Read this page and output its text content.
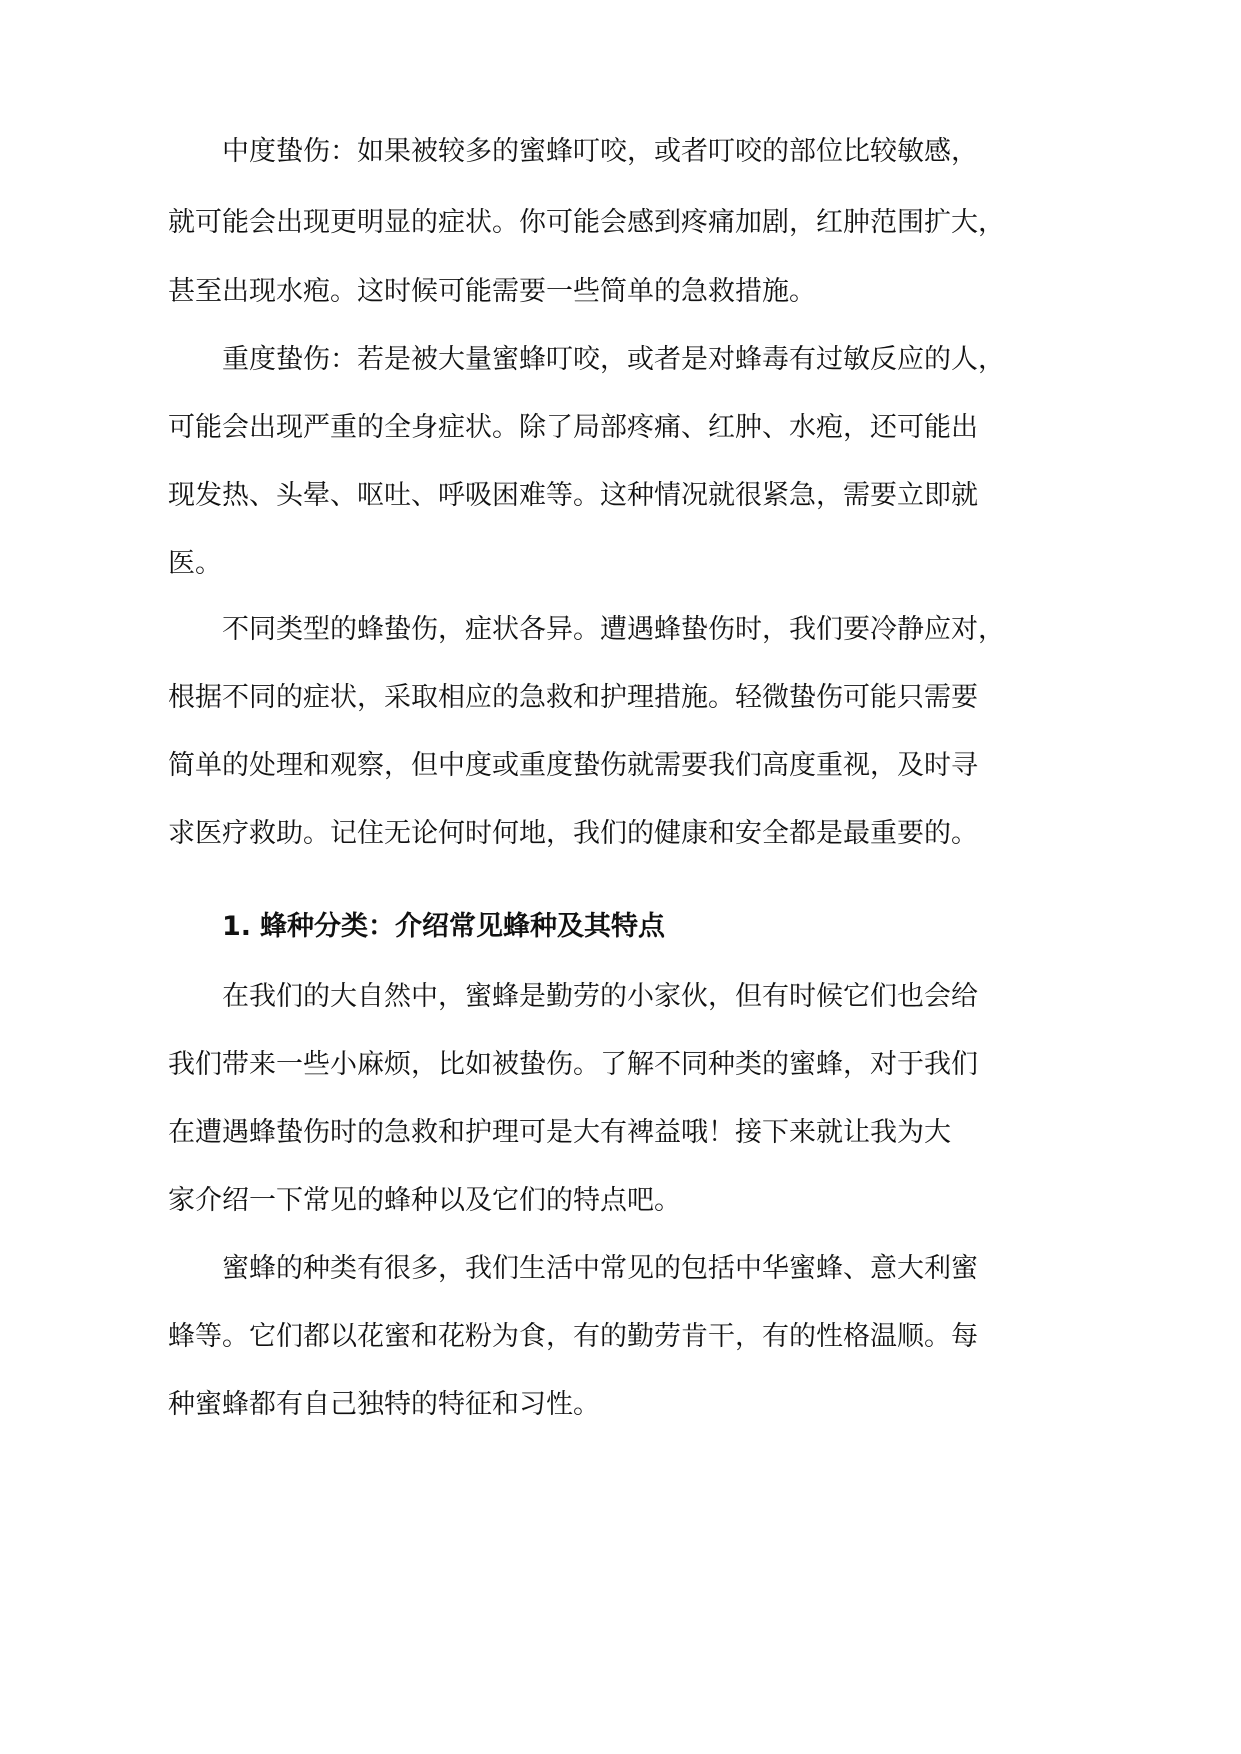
中度蛰伤：如果被较多的蜜蜂叮咬，或者叮咬的部位比较敏感，

就可能会出现更明显的症状。你可能会感到疼痛加剧，红肿范围扩大，

甚至出现水疱。这时候可能需要一些简单的急救措施。

重度蛰伤：若是被大量蜜蜂叮咬，或者是对蜂毒有过敏反应的人，

可能会出现严重的全身症状。除了局部疼痛、红肿、水疱，还可能出

现发热、头晕、呕吐、呼吸困难等。这种情况就很紧急，需要立即就

医。

不同类型的蜂蛰伤，症状各异。遭遇蜂蛰伤时，我们要冷静应对，

根据不同的症状，采取相应的急救和护理措施。轻微蛰伤可能只需要

简单的处理和观察，但中度或重度蛰伤就需要我们高度重视，及时寻

求医疗救助。记住无论何时何地，我们的健康和安全都是最重要的。

1. 蜂种分类：介绍常见蜂种及其特点

在我们的大自然中，蜜蜂是勤劳的小家伙，但有时候它们也会给

我们带来一些小麻烦，比如被蛰伤。了解不同种类的蜜蜂，对于我们

在遭遇蜂蛰伤时的急救和护理可是大有裨益哦！接下来就让我为大

家介绍一下常见的蜂种以及它们的特点吧。

蜜蜂的种类有很多，我们生活中常见的包括中华蜜蜂、意大利蜜

蜂等。它们都以花蜜和花粉为食，有的勤劳肯干，有的性格温顺。每

种蜜蜂都有自己独特的特征和习性。
